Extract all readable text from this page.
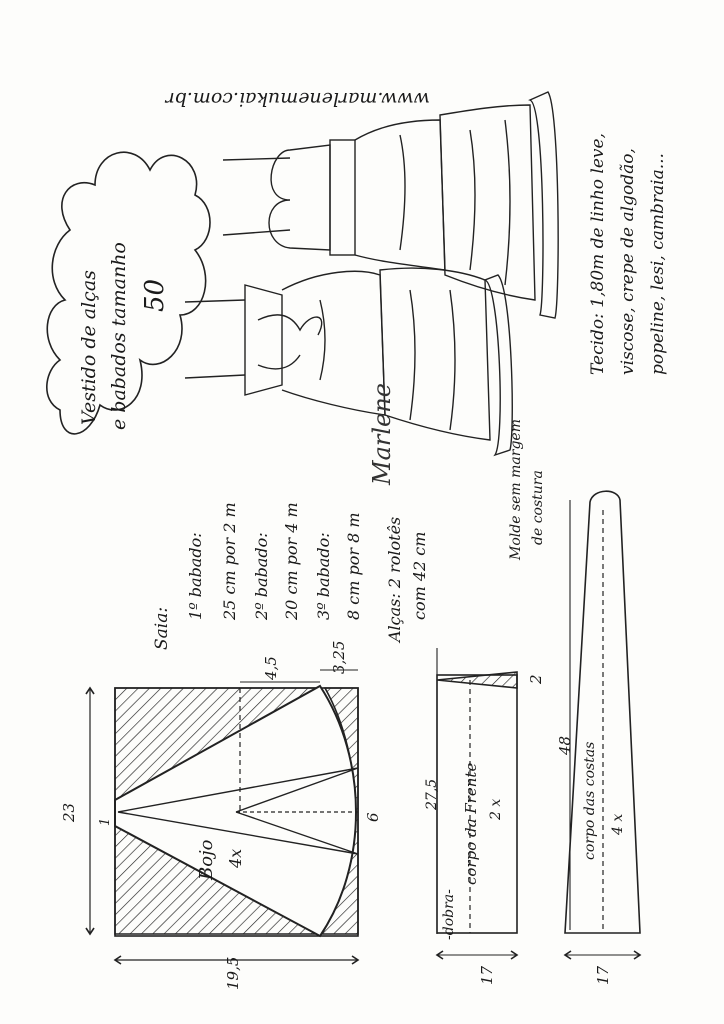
www.marlenemukai.com.br
Vestido de alças e babados tamanho 50	Tecido: 1,80m de linho leve, viscose, crepe de algodão, popeline, lesi, cambraia...
Marlene	Molde sem margem de costura
Saia:
1º babado: 25 cm por 2 m 2º babado: 20 cm por 4 m 3º babado: 8 cm por 8 m Alças: 2 rolotês com 42 cm
Bojo 4x
23
19,5
1
4,5	3,25
6	corpo da Frente 2 x
27,5
17
-dobra-
2
corpo das costas 4 x
48
17
